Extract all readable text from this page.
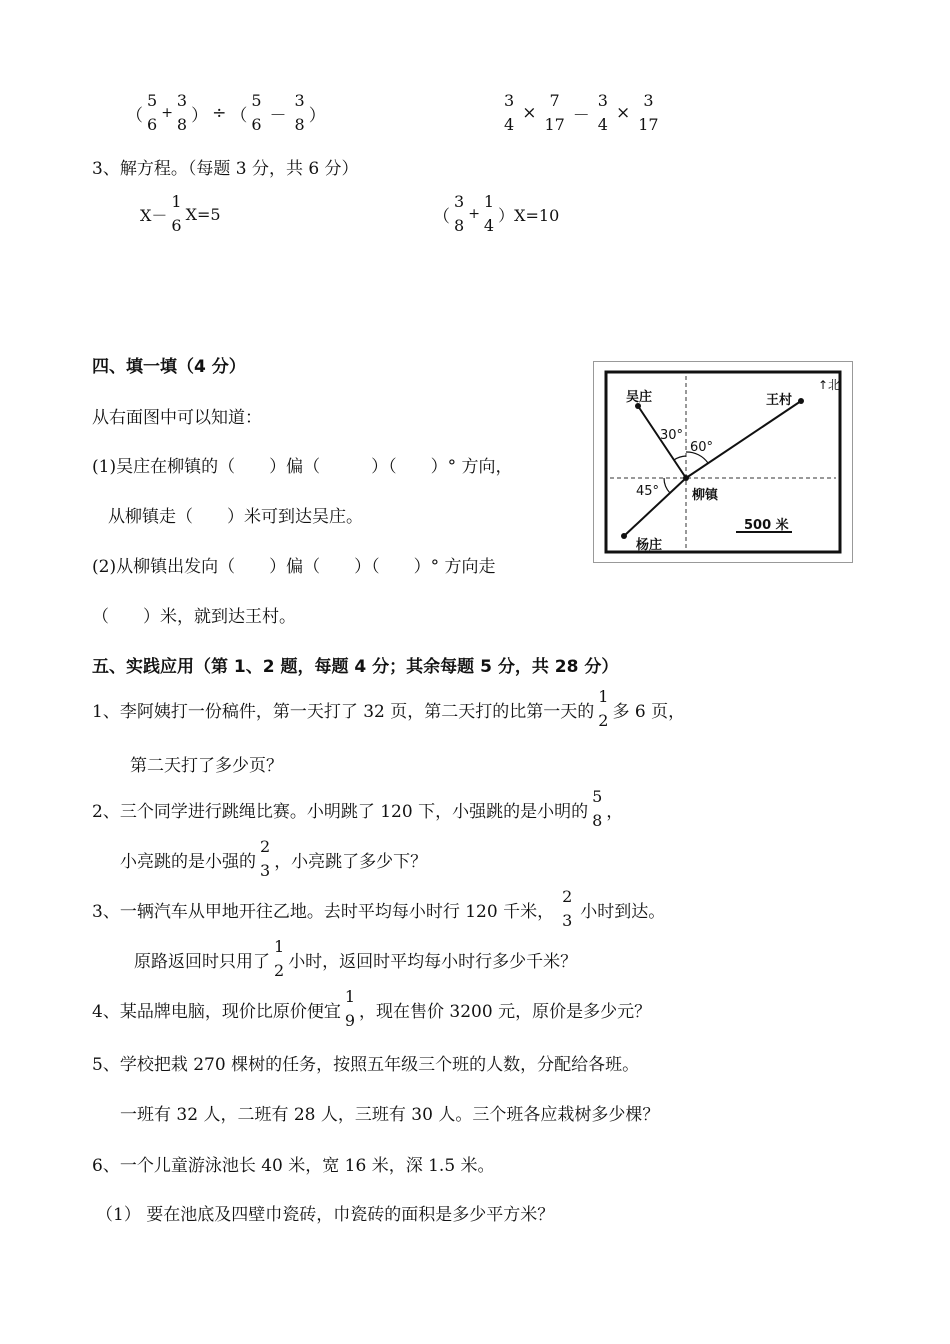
（
5
6
+
3
8 ） ÷ （
5
6 －
3
8 ）
3
4
×
7
17 －
3
4
×
3
17
3、解方程。（每题 3 分，共 6 分）
X－
1
6
X=5	（
3
8
+
1
4
）X=10
四、填一填（4 分）
从右面图中可以知道：
(1)吴庄在柳镇的（　　）偏（　　　）（　　）° 方向，
从柳镇走（　　）米可到达吴庄。
(2)从柳镇出发向（　　）偏（　　）（　　）° 方向走
（　　）米，就到达王村。
吴庄	王村
↑北
30°
60°
45°	柳镇
500 米
杨庄
五、实践应用（第 1、2 题，每题 4 分；其余每题 5 分，共 28 分）
1、李阿姨打一份稿件，第一天打了 32 页，第二天打的比第一天的
1
2 多 6 页，
第二天打了多少页？
2、三个同学进行跳绳比赛。小明跳了 120 下，小强跳的是小明的
5
8 ，
小亮跳的是小强的
2
3 ，小亮跳了多少下？
3、一辆汽车从甲地开往乙地。去时平均每小时行 120 千米，
2
3 小时到达。
原路返回时只用了
1
2 小时，返回时平均每小时行多少千米？
4、某品牌电脑，现价比原价便宜
1
9 ，现在售价 3200 元，原价是多少元？
5、学校把栽 270 棵树的任务，按照五年级三个班的人数，分配给各班。
一班有 32 人，二班有 28 人，三班有 30 人。三个班各应栽树多少棵？
6、一个儿童游泳池长 40 米，宽 16 米，深 1.5 米。
（1） 要在池底及四壁巾瓷砖，巾瓷砖的面积是多少平方米？
